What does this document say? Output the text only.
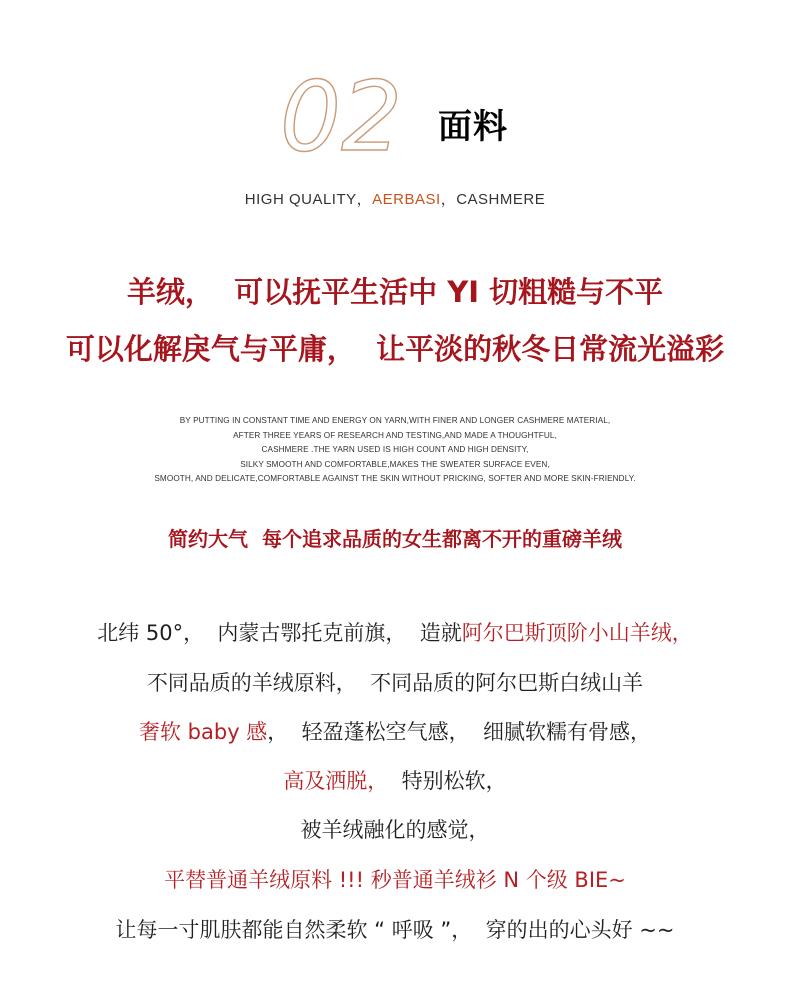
02 面料
HIGH QUALITY，AERBASI，CASHMERE
羊绒，  可以抚平生活中 YI 切粗糙与不平
可以化解戾气与平庸，  让平淡的秋冬日常流光溢彩
BY PUTTING IN CONSTANT TIME AND ENERGY ON YARN,WITH FINER AND LONGER CASHMERE MATERIAL,
AFTER THREE YEARS OF RESEARCH AND TESTING,AND MADE A THOUGHTFUL,
CASHMERE .THE YARN USED IS HIGH COUNT AND HIGH DENSITY,
SILKY SMOOTH AND COMFORTABLE,MAKES THE SWEATER SURFACE EVEN,
SMOOTH, AND DELICATE,COMFORTABLE AGAINST THE SKIN WITHOUT PRICKING, SOFTER AND MORE SKIN-FRIENDLY.
简约大气  每个追求品质的女生都离不开的重磅羊绒
北纬 50°，  内蒙古鄂托克前旗，  造就阿尔巴斯顶阶小山羊绒，
不同品质的羊绒原料，  不同品质的阿尔巴斯白绒山羊
奢软 baby 感，  轻盈蓬松空气感，  细腻软糯有骨感，
高及洒脱，  特别松软，
被羊绒融化的感觉，
平替普通羊绒原料 !!! 秒普通羊绒衫 N 个级 BIE~
让每一寸肌肤都能自然柔软 “ 呼吸 ”，  穿的出的心头好 ~~
